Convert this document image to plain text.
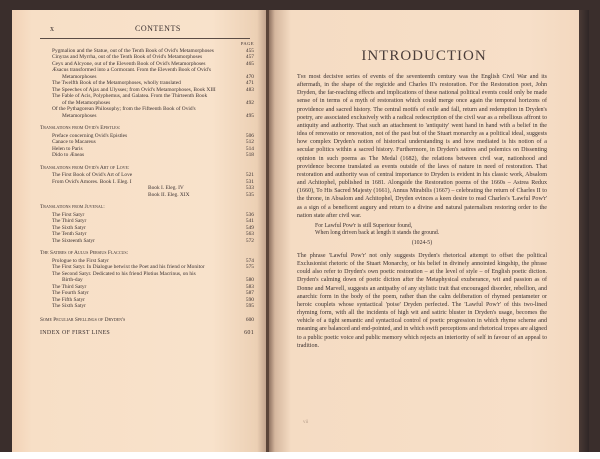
x	CONTENTS
PAGE
Pygmalion and the Statue, out of the Tenth Book of Ovid's Metamorphoses	455
Cinyras and Myrrha, out of the Tenth Book of Ovid's Metamorphoses	457
Ceyx and Alcyone, out of the Eleventh Book of Ovid's Metamorphoses	465
Æsacus transformed into a Cormorant. From the Eleventh Book of Ovid's
Metamorphoses	470
The Twelfth Book of the Metamorphoses, wholly translated	471
The Speeches of Ajax and Ulysses; from Ovid's Metamorphoses, Book XIII	483
The Fable of Acis, Polyphemus, and Galatea. From the Thirteenth Book
of the Metamorphoses	492
Of the Pythagorean Philosophy; from the Fifteenth Book of Ovid's
Metamorphoses	495
Translations from Ovid's Epistles:
Preface concerning Ovid's Epistles	506
Canace to Macareus	512
Helen to Paris	514
Dido to Æneas	518
Translations from Ovid's Art of Love:
The First Book of Ovid's Art of Love	521
From Ovid's Amores. Book I. Eleg. I	531
Book I. Eleg. IV	533
Book II. Eleg. XIX	535
Translations from Juvenal:
The First Satyr	536
The Third Satyr	541
The Sixth Satyr	549
The Tenth Satyr	563
The Sixteenth Satyr	572
The Satires of Aulus Persius Flaccus:
Prologue to the First Satyr	574
The First Satyr. In Dialogue betwixt the Poet and his friend or Monitor	575
The Second Satyr. Dedicated to his friend Plotius Macrinus, on his
Birth-day	580
The Third Satyr	583
The Fourth Satyr	587
The Fifth Satyr	590
The Sixth Satyr	595
Some Peculiar Spellings of Dryden's	600
INDEX OF FIRST LINES	601
INTRODUCTION

The most decisive series of events of the seventeenth century was the English Civil War and its aftermath, in the shape of the regicide and Charles II's restoration. For the Restoration poet, John Dryden, the far-reaching effects and implications of these national political events could only be made sense of in terms of a myth of restoration which could merge once again the temporal horizons of providence and sacred history. The central motifs of exile and fall, return and redemption in Dryden's poetry, are associated exclusively with a radical redescription of the civil war as a rebellious affront to antiquity and authority. That such an attachment to 'antiquity' went hand in hand with a belief in the idea of renovatio or renovation, not of the past but of the Stuart monarchy as a political ideal, suggests how complex Dryden's notion of historical understanding is and how mediated is his notion of a secular politics within a sacred history. Furthermore, in Dryden's satires and polemics on Dissenting opinion in such poems as The Medal (1682), the relations between civil war, nationhood and providence become translated as events outside of the laws of nature in need of restoration. That restoration and authority was of central importance to Dryden is evident in his classic work, Absalom and Achitophel, published in 1681. Alongside the Restoration poems of the 1660s – Astrea Redux (1660), To His Sacred Majesty (1661), Annus Mirabilis (1667) – celebrating the return of Charles II to the throne, in Absalom and Achitophel, Dryden evinces a keen desire to read Charles's 'Lawful Pow'r' as a sign of a beneficent augury and return to a divine and natural paternalism restoring order to the nation state after civil war.

For Lawful Pow'r is still Superiour found,
When long driven back at length it stands the ground.
(1024-5)

The phrase 'Lawful Pow'r' not only suggests Dryden's rhetorical attempt to offset the political Exclusionist rhetoric of the Stuart Monarchy, or his belief in divinely annointed kingship, the phrase could also refer to Dryden's own poetic restoration – at the level of style – of English poetic diction. Dryden's calming down of poetic diction after the Metaphysical exuberance, wit and passion as of Donne and Marvell, suggests an antipathy of any stylistic trait that encouraged disorder, rebellion, and anarchic form in the body of the poem, rather than the calm deliberation of rhymed pentameter or heroic couplets whose syntactical 'poise' Dryden perfected. The 'Lawful Pow'r' of this two-lined rhyming form, with all the incidents of high wit and satiric bluster in Dryden's usage, becomes the vehicle of a tight semantic and syntactical control of poetic progression in which rhyme scheme and meaning are balanced and end-pointed, and in which swift perceptions and rhetorical tropes are aligned to a public poetic voice and public memory which rejects an interiority of self in favour of an appeal to tradition.

vii
